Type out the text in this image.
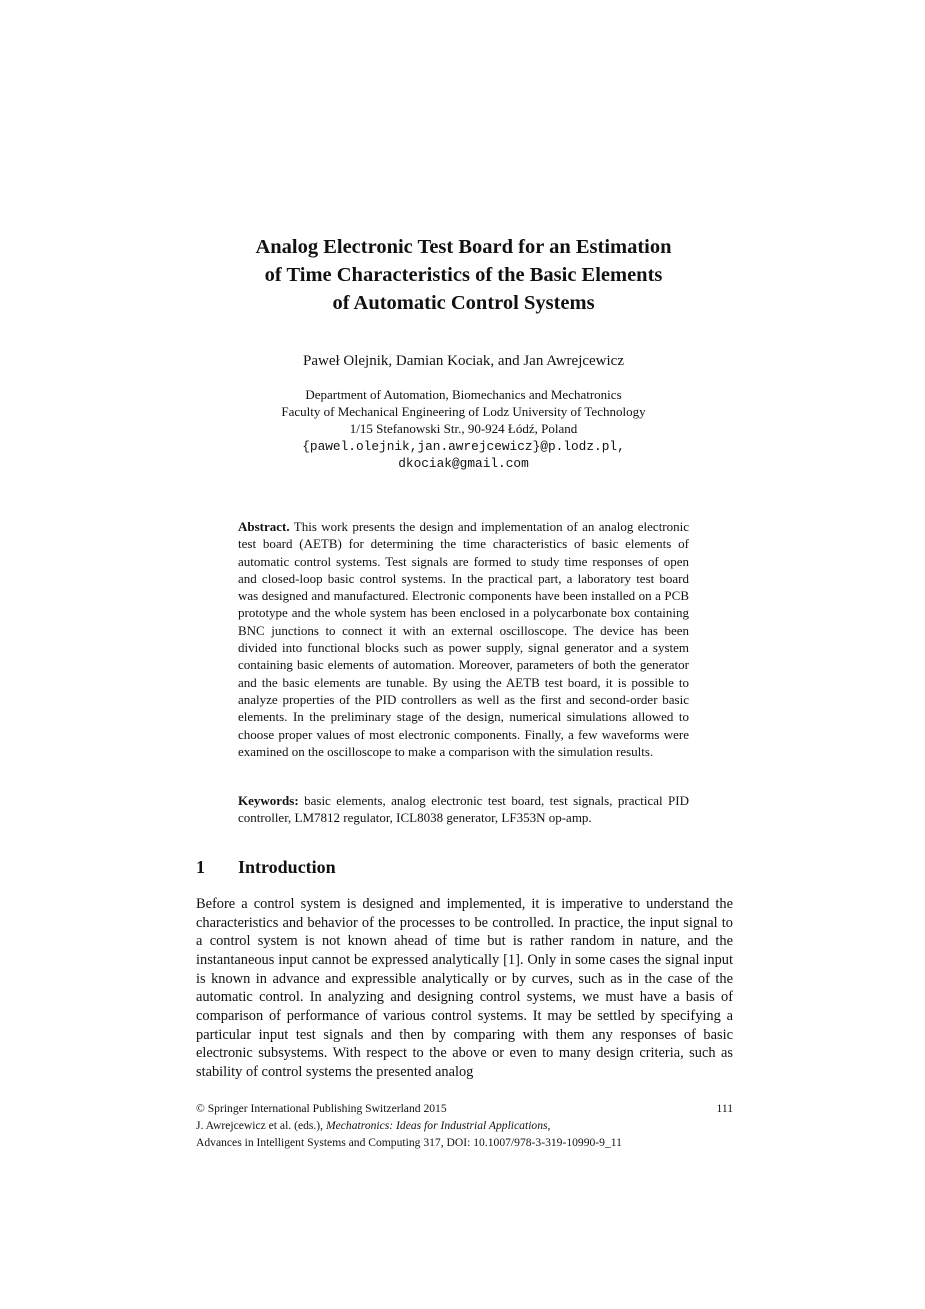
Analog Electronic Test Board for an Estimation
of Time Characteristics of the Basic Elements
of Automatic Control Systems
Paweł Olejnik, Damian Kociak, and Jan Awrejcewicz
Department of Automation, Biomechanics and Mechatronics
Faculty of Mechanical Engineering of Lodz University of Technology
1/15 Stefanowski Str., 90-924 Łódź, Poland
{pawel.olejnik,jan.awrejcewicz}@p.lodz.pl,
dkociak@gmail.com

Abstract. This work presents the design and implementation of an analog electronic test board (AETB) for determining the time characteristics of basic elements of automatic control systems. Test signals are formed to study time responses of open and closed-loop basic control systems. In the practical part, a laboratory test board was designed and manufactured. Electronic components have been installed on a PCB prototype and the whole system has been enclosed in a polycarbonate box containing BNC junctions to connect it with an external oscilloscope. The device has been divided into functional blocks such as power supply, signal generator and a system containing basic elements of automation. Moreover, parameters of both the generator and the basic elements are tunable. By using the AETB test board, it is possible to analyze properties of the PID controllers as well as the first and second-order basic elements. In the preliminary stage of the design, numerical simulations allowed to choose proper values of most electronic components. Finally, a few waveforms were examined on the oscilloscope to make a comparison with the simulation results.

Keywords: basic elements, analog electronic test board, test signals, practical PID controller, LM7812 regulator, ICL8038 generator, LF353N op-amp.

1 Introduction

Before a control system is designed and implemented, it is imperative to understand the characteristics and behavior of the processes to be controlled. In practice, the input signal to a control system is not known ahead of time but is rather random in nature, and the instantaneous input cannot be expressed analytically [1]. Only in some cases the signal input is known in advance and expressible analytically or by curves, such as in the case of the automatic control. In analyzing and designing control systems, we must have a basis of comparison of performance of various control systems. It may be settled by specifying a particular input test signals and then by comparing with them any responses of basic electronic subsystems. With respect to the above or even to many design criteria, such as stability of control systems the presented analog

© Springer International Publishing Switzerland 2015	111
J. Awrejcewicz et al. (eds.), Mechatronics: Ideas for Industrial Applications,
Advances in Intelligent Systems and Computing 317, DOI: 10.1007/978-3-319-10990-9_11
